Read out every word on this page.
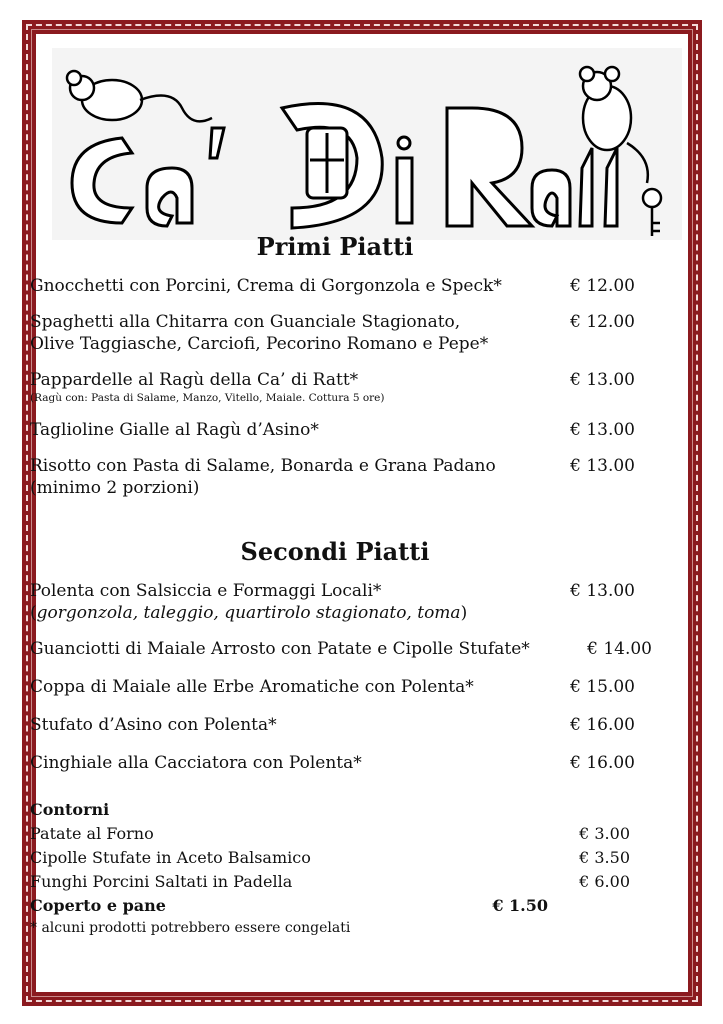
Primi Piatti
Gnocchetti con Porcini, Crema di Gorgonzola e Speck*	€ 12.00
Spaghetti alla Chitarra con Guanciale Stagionato,
Olive Taggiasche, Carciofi, Pecorino Romano e Pepe*
€ 12.00
Pappardelle al Ragù della Ca’ di Ratt*
(Ragù con: Pasta di Salame, Manzo, Vitello, Maiale. Cottura 5 ore)
€ 13.00
Taglioline Gialle al Ragù d’Asino*	€ 13.00
Risotto con Pasta di Salame, Bonarda e Grana Padano
(minimo 2 porzioni)
€ 13.00
Secondi Piatti
Polenta con Salsiccia e Formaggi Locali*
(gorgonzola, taleggio, quartirolo stagionato, toma)
€ 13.00
Guanciotti di Maiale Arrosto con Patate e Cipolle Stufate*	€ 14.00
Coppa di Maiale alle Erbe Aromatiche con Polenta*	€ 15.00
Stufato d’Asino con Polenta*	€ 16.00
Cinghiale alla Cacciatora con Polenta*	€ 16.00
Contorni
Patate al Forno	€ 3.00
Cipolle Stufate in Aceto Balsamico	€ 3.50
Funghi Porcini Saltati in Padella	€ 6.00
Coperto e pane	€ 1.50
* alcuni prodotti potrebbero essere congelati
